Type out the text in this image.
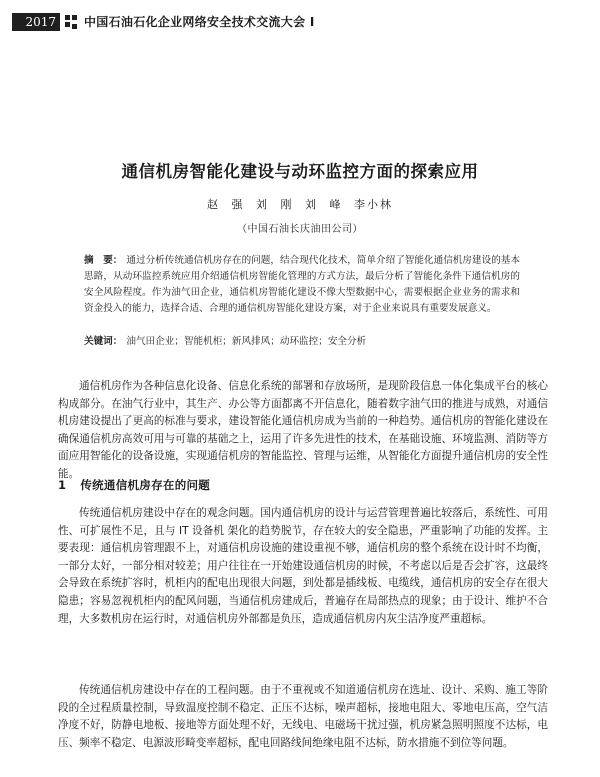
2017	中国石油石化企业网络安全技术交流大会 Ⅰ
通信机房智能化建设与动环监控方面的探索应用
赵 强 刘 刚 刘 峰 李小林
（中国石油长庆油田公司）
摘　要： 通过分析传统通信机房存在的问题，结合现代化技术，简单介绍了智能化通信机房建设的基本思路，从动环监控系统应用介绍通信机房智能化管理的方式方法，最后分析了智能化条件下通信机房的安全风险程度。作为油气田企业，通信机房智能化建设不像大型数据中心，需要根据企业业务的需求和资金投入的能力，选择合适、合理的通信机房智能化建设方案，对于企业来说具有重要发展意义。
关键词： 油气田企业；智能机柜；新风排风；动环监控；安全分析

通信机房作为各种信息化设备、信息化系统的部署和存放场所，是现阶段信息一体化集成平台的核心构成部分。在油气行业中，其生产、办公等方面都离不开信息化，随着数字油气田的推进与成熟，对通信机房建设提出了更高的标准与要求，建设智能化通信机房成为当前的一种趋势。通信机房的智能化建设在确保通信机房高效可用与可靠的基础之上，运用了许多先进性的技术，在基础设施、环境监测、消防等方面应用智能化的设备设施，实现通信机房的智能监控、管理与运维，从智能化方面提升通信机房的安全性能。

1 传统通信机房存在的问题

传统通信机房建设中存在的观念问题。国内通信机房的设计与运营管理普遍比较落后，系统性、可用性、可扩展性不足，且与 IT 设备机 架化的趋势脱节，存在较大的安全隐患，严重影响了功能的发挥。主要表现：通信机房管理跟不上，对通信机房设施的建设重视不够，通信机房的整个系统在设计时不均衡，一部分太好，一部分相对较差；用户往往在一开始建设通信机房的时候，不考虑以后是否会扩容，这最终会导致在系统扩容时，机柜内的配电出现很大问题，到处都是插线板、电缆线，通信机房的安全存在很大隐患；容易忽视机柜内的配风问题，当通信机房建成后，普遍存在局部热点的现象；由于设计、维护不合理，大多数机房在运行时，对通信机房外部都是负压，造成通信机房内灰尘洁净度严重超标。

传统通信机房建设中存在的工程问题。由于不重视或不知道通信机房在选址、设计、采购、施工等阶段的全过程质量控制，导致温度控制不稳定、正压不达标，噪声超标，接地电阻大、零地电压高，空气洁净度不好，防静电地板、接地等方面处理不好，无线电、电磁场干扰过强，机房紧急照明照度不达标，电压、频率不稳定、电源波形畸变率超标，配电回路线间绝缘电阻不达标，防水措施不到位等问题。
